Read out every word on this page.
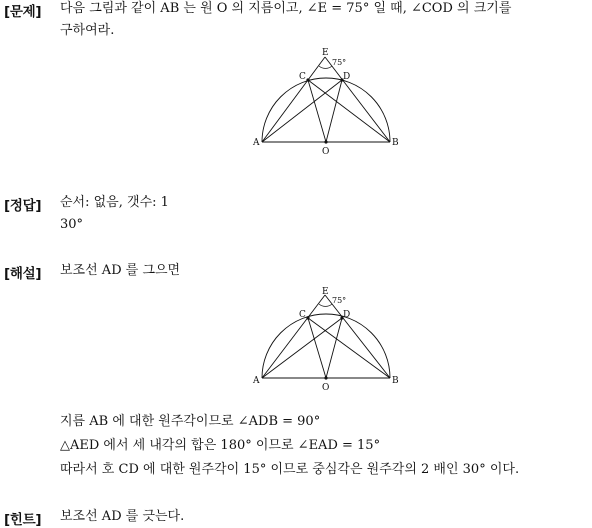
[문제]	다음 그림과 같이 AB 는 원 O 의 지름이고, ∠E = 75° 일 때, ∠COD 의 크기를
구하여라.
E
75°
C	D
A
O
B
[정답]	순서: 없음, 갯수: 1
30°
[해설]	보조선 AD 를 그으면
E
75°
C	D
A
O
B
지름 AB 에 대한 원주각이므로 ∠ADB = 90°
△AED 에서 세 내각의 합은 180° 이므로 ∠EAD = 15°
따라서 호 CD 에 대한 원주각이 15° 이므로 중심각은 원주각의 2 배인 30° 이다.
[힌트]	보조선 AD 를 긋는다.
